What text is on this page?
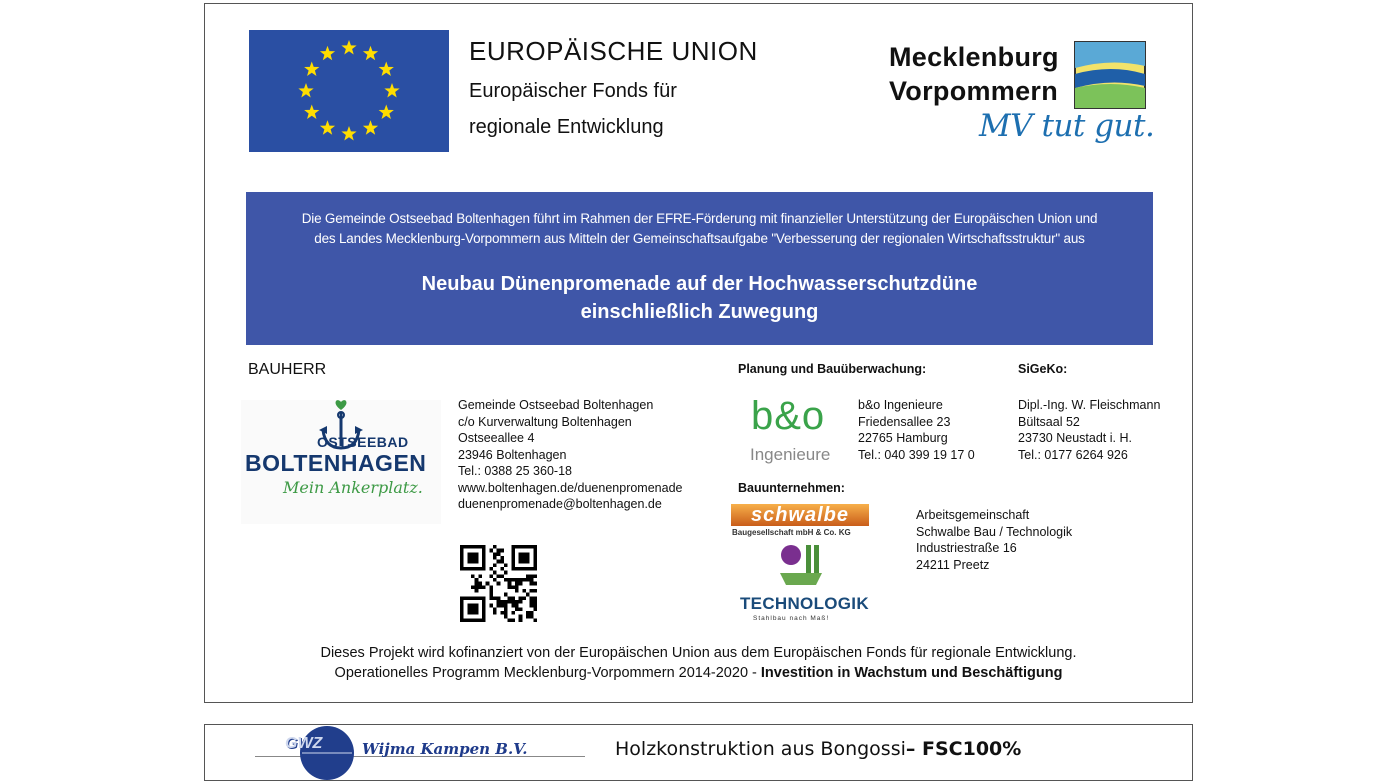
EUROPÄISCHE UNION
Europäischer Fonds für
regionale Entwicklung
Mecklenburg
Vorpommern
MV tut gut.
Die Gemeinde Ostseebad Boltenhagen führt im Rahmen der EFRE-Förderung mit finanzieller Unterstützung der Europäischen Union und
des Landes Mecklenburg-Vorpommern aus Mitteln der Gemeinschaftsaufgabe "Verbesserung der regionalen Wirtschaftsstruktur" aus
Neubau Dünenpromenade auf der Hochwasserschutzdüne
einschließlich Zuwegung
BAUHERR	Planung und Bauüberwachung:	SiGeKo:
Bauunternehmen:
OSTSEEBAD
BOLTENHAGEN
Mein Ankerplatz.
Gemeinde Ostseebad Boltenhagen
c/o Kurverwaltung Boltenhagen
Ostseeallee 4
23946 Boltenhagen
Tel.: 0388 25 360-18
www.boltenhagen.de/duenenpromenade
duenenpromenade@boltenhagen.de
b&o
Ingenieure
b&o Ingenieure
Friedensallee 23
22765 Hamburg
Tel.: 040 399 19 17 0
Dipl.-Ing. W. Fleischmann
Bültsaal 52
23730 Neustadt i. H.
Tel.: 0177 6264 926
schwalbe
Baugesellschaft mbH & Co. KG
TECHNOLOGIK
Stahlbau nach Maß!
Arbeitsgemeinschaft
Schwalbe Bau / Technologik
Industriestraße 16
24211 Preetz
Dieses Projekt wird kofinanziert von der Europäischen Union aus dem Europäischen Fonds für regionale Entwicklung.
Operationelles Programm Mecklenburg-Vorpommern 2014-2020 - Investition in Wachstum und Beschäftigung
GWZ	Wijma Kampen B.V.	Holzkonstruktion aus Bongossi– FSC100%
